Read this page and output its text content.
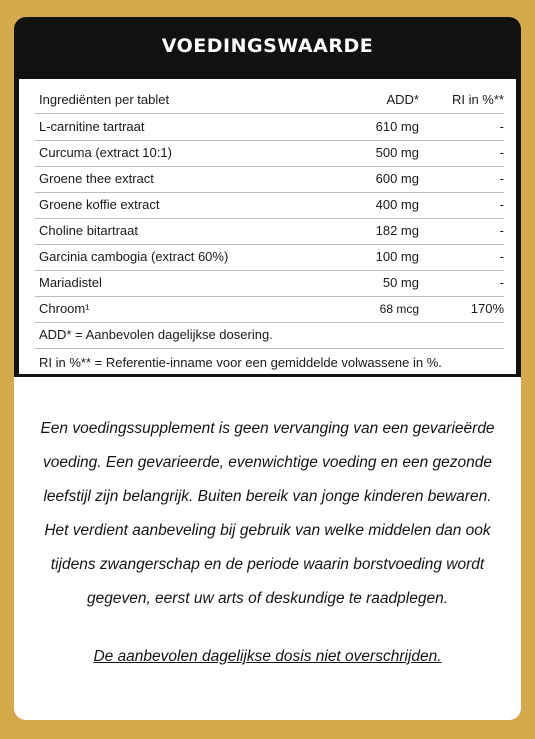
VOEDINGSWAARDE
Ingrediënten per tablet	ADD*	RI in %**
L-carnitine tartraat	610 mg	-
Curcuma (extract 10:1)	500 mg	-
Groene thee extract	600 mg	-
Groene koffie extract	400 mg	-
Choline bitartraat	182 mg	-
Garcinia cambogia (extract 60%)	100 mg	-
Mariadistel	50 mg	-
Chroom¹	68 mcg	170%
ADD* = Aanbevolen dagelijkse dosering.
RI in %** = Referentie-inname voor een gemiddelde volwassene in %.
Een voedingssupplement is geen vervanging van een gevarieërde
voeding. Een gevarieerde, evenwichtige voeding en een gezonde
leefstijl zijn belangrijk. Buiten bereik van jonge kinderen bewaren.
Het verdient aanbeveling bij gebruik van welke middelen dan ook
tijdens zwangerschap en de periode waarin borstvoeding wordt
gegeven, eerst uw arts of deskundige te raadplegen.
De aanbevolen dagelijkse dosis niet overschrijden.
